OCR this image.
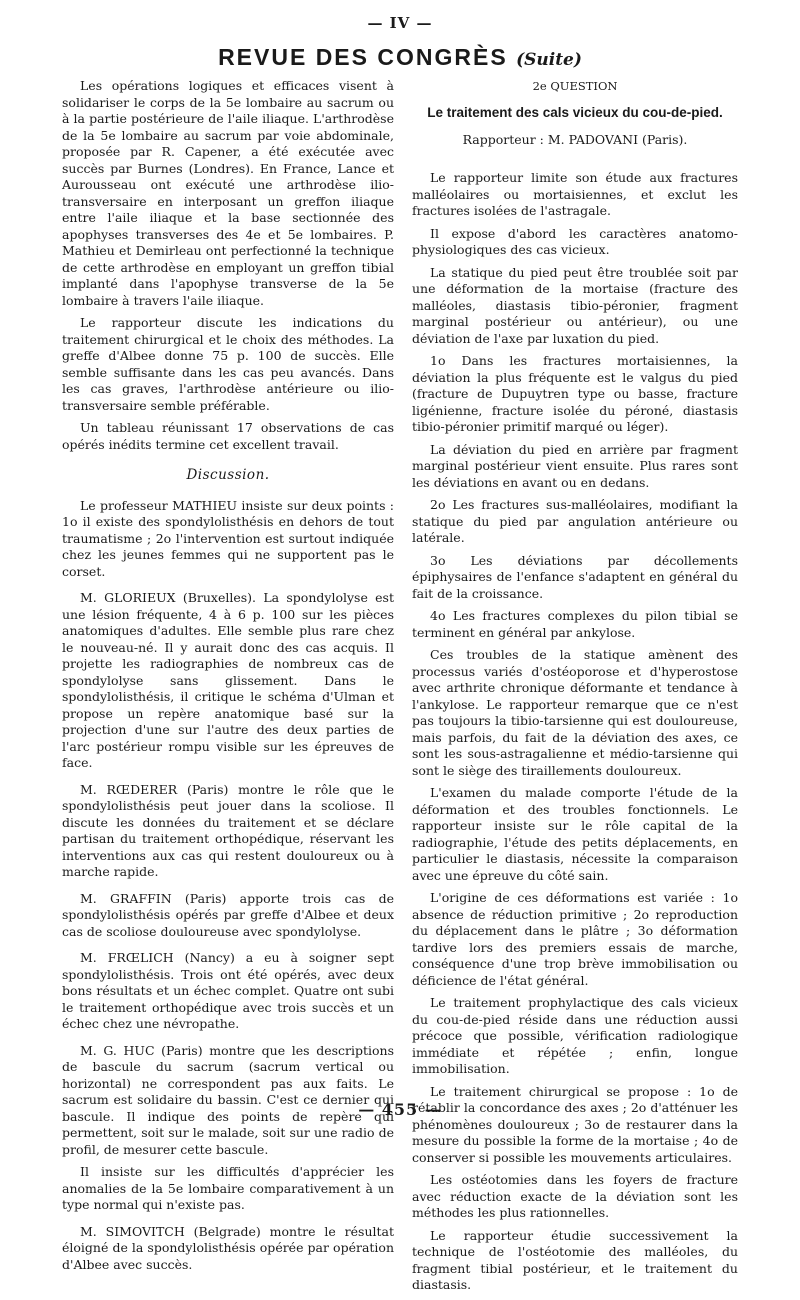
— IV —
REVUE DES CONGRÈS (Suite)

Les opérations logiques et efficaces visent à solidariser le corps de la 5e lombaire au sacrum ou à la partie postérieure de l'aile iliaque. L'arthrodèse de la 5e lombaire au sacrum par voie abdominale, proposée par R. Capener, a été exécutée avec succès par Burnes (Londres). En France, Lance et Aurousseau ont exécuté une arthrodèse ilio-transversaire en interposant un greffon iliaque entre l'aile iliaque et la base sectionnée des apophyses transverses des 4e et 5e lombaires. P. Mathieu et Demirleau ont perfectionné la technique de cette arthrodèse en employant un greffon tibial implanté dans l'apophyse transverse de la 5e lombaire à travers l'aile iliaque.

Le rapporteur discute les indications du traitement chirurgical et le choix des méthodes. La greffe d'Albee donne 75 p. 100 de succès. Elle semble suffisante dans les cas peu avancés. Dans les cas graves, l'arthrodèse antérieure ou ilio-transversaire semble préférable.

Un tableau réunissant 17 observations de cas opérés inédits termine cet excellent travail.

Discussion.

Le professeur MATHIEU insiste sur deux points : 1o il existe des spondylolisthésis en dehors de tout traumatisme ; 2o l'intervention est surtout indiquée chez les jeunes femmes qui ne supportent pas le corset.

M. GLORIEUX (Bruxelles). La spondylolyse est une lésion fréquente, 4 à 6 p. 100 sur les pièces anatomiques d'adultes. Elle semble plus rare chez le nouveau-né. Il y aurait donc des cas acquis. Il projette les radiographies de nombreux cas de spondylolyse sans glissement. Dans le spondylolisthésis, il critique le schéma d'Ulman et propose un repère anatomique basé sur la projection d'une sur l'autre des deux parties de l'arc postérieur rompu visible sur les épreuves de face.

M. RŒDERER (Paris) montre le rôle que le spondylolisthésis peut jouer dans la scoliose. Il discute les données du traitement et se déclare partisan du traitement orthopédique, réservant les interventions aux cas qui restent douloureux ou à marche rapide.

M. GRAFFIN (Paris) apporte trois cas de spondylolisthésis opérés par greffe d'Albee et deux cas de scoliose douloureuse avec spondylolyse.

M. FRŒLICH (Nancy) a eu à soigner sept spondylolisthésis. Trois ont été opérés, avec deux bons résultats et un échec complet. Quatre ont subi le traitement orthopédique avec trois succès et un échec chez une névropathe.

M. G. HUC (Paris) montre que les descriptions de bascule du sacrum (sacrum vertical ou horizontal) ne correspondent pas aux faits. Le sacrum est solidaire du bassin. C'est ce dernier qui bascule. Il indique des points de repère qui permettent, soit sur le malade, soit sur une radio de profil, de mesurer cette bascule.

Il insiste sur les difficultés d'apprécier les anomalies de la 5e lombaire comparativement à un type normal qui n'existe pas.

M. SIMOVITCH (Belgrade) montre le résultat éloigné de la spondylolisthésis opérée par opération d'Albee avec succès.

2e QUESTION
Le traitement des cals vicieux du cou-de-pied.
Rapporteur : M. PADOVANI (Paris).

Le rapporteur limite son étude aux fractures malléolaires ou mortaisiennes, et exclut les fractures isolées de l'astragale.

Il expose d'abord les caractères anatomo-physiologiques des cas vicieux.

La statique du pied peut être troublée soit par une déformation de la mortaise (fracture des malléoles, diastasis tibio-péronier, fragment marginal postérieur ou antérieur), ou une déviation de l'axe par luxation du pied.

1o Dans les fractures mortaisiennes, la déviation la plus fréquente est le valgus du pied (fracture de Dupuytren type ou basse, fracture ligénienne, fracture isolée du péroné, diastasis tibio-péronier primitif marqué ou léger).

La déviation du pied en arrière par fragment marginal postérieur vient ensuite. Plus rares sont les déviations en avant ou en dedans.

2o Les fractures sus-malléolaires, modifiant la statique du pied par angulation antérieure ou latérale.

3o Les déviations par décollements épiphysaires de l'enfance s'adaptent en général du fait de la croissance.

4o Les fractures complexes du pilon tibial se terminent en général par ankylose.

Ces troubles de la statique amènent des processus variés d'ostéoporose et d'hyperostose avec arthrite chronique déformante et tendance à l'ankylose. Le rapporteur remarque que ce n'est pas toujours la tibio-tarsienne qui est douloureuse, mais parfois, du fait de la déviation des axes, ce sont les sous-astragalienne et médio-tarsienne qui sont le siège des tiraillements douloureux.

L'examen du malade comporte l'étude de la déformation et des troubles fonctionnels. Le rapporteur insiste sur le rôle capital de la radiographie, l'étude des petits déplacements, en particulier le diastasis, nécessite la comparaison avec une épreuve du côté sain.

L'origine de ces déformations est variée : 1o absence de réduction primitive ; 2o reproduction du déplacement dans le plâtre ; 3o déformation tardive lors des premiers essais de marche, conséquence d'une trop brève immobilisation ou déficience de l'état général.

Le traitement prophylactique des cals vicieux du cou-de-pied réside dans une réduction aussi précoce que possible, vérification radiologique immédiate et répétée ; enfin, longue immobilisation.

Le traitement chirurgical se propose : 1o de rétablir la concordance des axes ; 2o d'atténuer les phénomènes douloureux ; 3o de restaurer dans la mesure du possible la forme de la mortaise ; 4o de conserver si possible les mouvements articulaires.

Les ostéotomies dans les foyers de fracture avec réduction exacte de la déviation sont les méthodes les plus rationnelles.

Le rapporteur étudie successivement la technique de l'ostéotomie des malléoles, du fragment tibial postérieur, et le traitement du diastasis.

— 455 —
